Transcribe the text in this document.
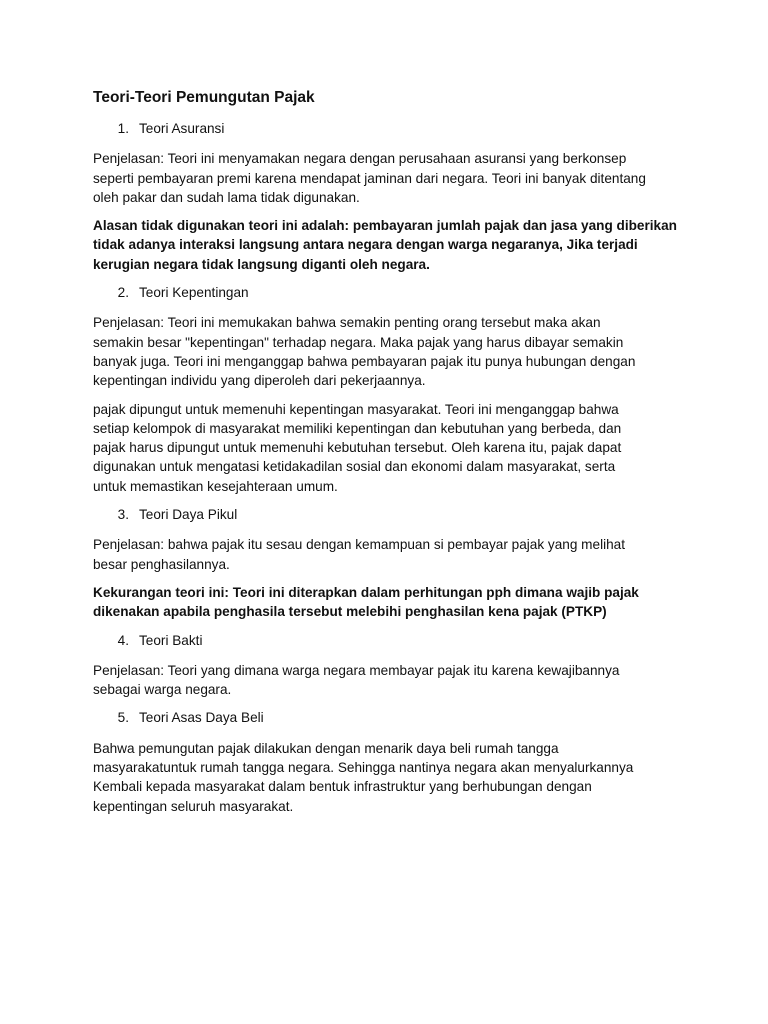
Teori-Teori Pemungutan Pajak
1. Teori Asuransi
Penjelasan: Teori ini menyamakan negara dengan perusahaan asuransi yang berkonsep
seperti pembayaran premi karena mendapat jaminan dari negara. Teori ini banyak ditentang
oleh pakar dan sudah lama tidak digunakan.
Alasan tidak digunakan teori ini adalah: pembayaran jumlah pajak dan jasa yang diberikan
tidak adanya interaksi langsung antara negara dengan warga negaranya, Jika terjadi
kerugian negara tidak langsung diganti oleh negara.
2. Teori Kepentingan
Penjelasan: Teori ini memukakan bahwa semakin penting orang tersebut maka akan
semakin besar "kepentingan" terhadap negara. Maka pajak yang harus dibayar semakin
banyak juga. Teori ini menganggap bahwa pembayaran pajak itu punya hubungan dengan
kepentingan individu yang diperoleh dari pekerjaannya.
pajak dipungut untuk memenuhi kepentingan masyarakat. Teori ini menganggap bahwa
setiap kelompok di masyarakat memiliki kepentingan dan kebutuhan yang berbeda, dan
pajak harus dipungut untuk memenuhi kebutuhan tersebut. Oleh karena itu, pajak dapat
digunakan untuk mengatasi ketidakadilan sosial dan ekonomi dalam masyarakat, serta
untuk memastikan kesejahteraan umum.
3. Teori Daya Pikul
Penjelasan: bahwa pajak itu sesau dengan kemampuan si pembayar pajak yang melihat
besar penghasilannya.
Kekurangan teori ini: Teori ini diterapkan dalam perhitungan pph dimana wajib pajak
dikenakan apabila penghasila tersebut melebihi penghasilan kena pajak (PTKP)
4. Teori Bakti
Penjelasan: Teori yang dimana warga negara membayar pajak itu karena kewajibannya
sebagai warga negara.
5. Teori Asas Daya Beli
Bahwa pemungutan pajak dilakukan dengan menarik daya beli rumah tangga
masyarakatuntuk rumah tangga negara. Sehingga nantinya negara akan menyalurkannya
Kembali kepada masyarakat dalam bentuk infrastruktur yang berhubungan dengan
kepentingan seluruh masyarakat.
